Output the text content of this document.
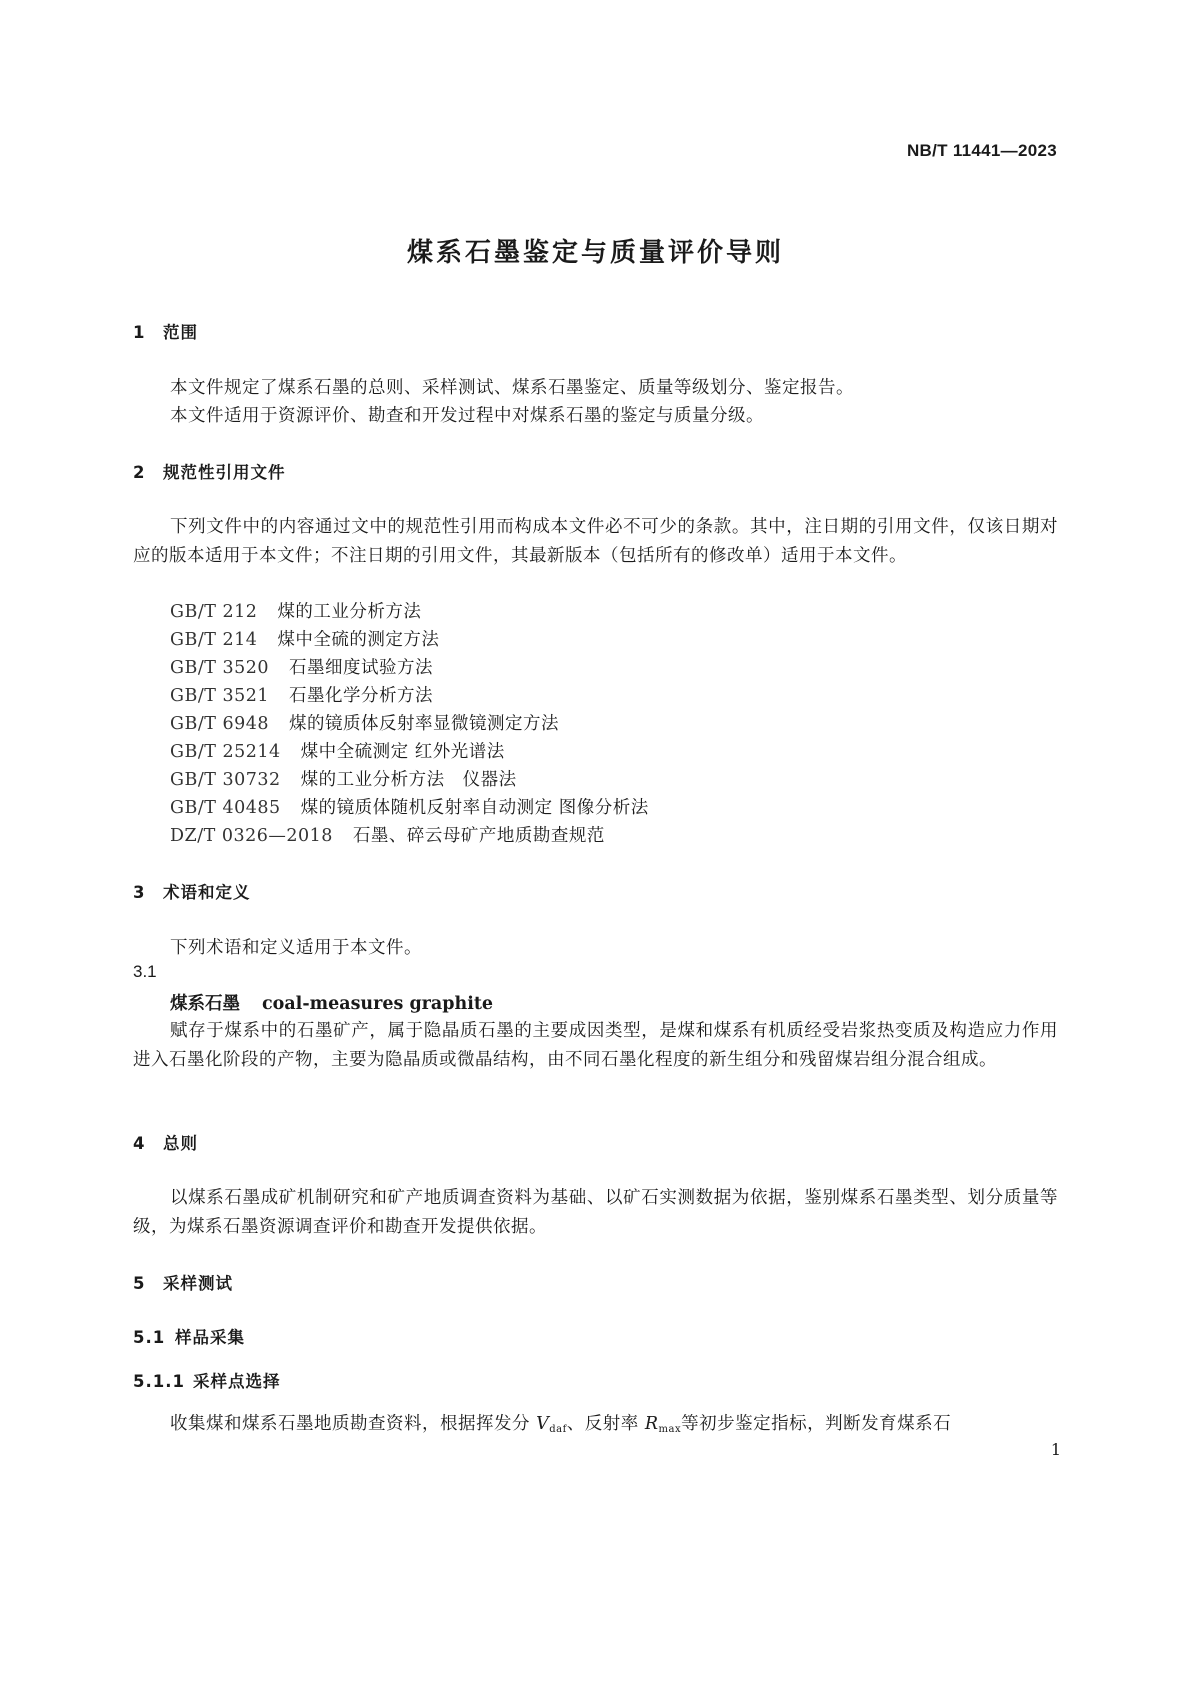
NB/T 11441—2023
煤系石墨鉴定与质量评价导则
1 范围
本文件规定了煤系石墨的总则、采样测试、煤系石墨鉴定、质量等级划分、鉴定报告。
本文件适用于资源评价、勘查和开发过程中对煤系石墨的鉴定与质量分级。
2 规范性引用文件
下列文件中的内容通过文中的规范性引用而构成本文件必不可少的条款。其中，注日期的引用文件，仅该日期对应的版本适用于本文件；不注日期的引用文件，其最新版本（包括所有的修改单）适用于本文件。
GB/T 212 煤的工业分析方法
GB/T 214 煤中全硫的测定方法
GB/T 3520 石墨细度试验方法
GB/T 3521 石墨化学分析方法
GB/T 6948 煤的镜质体反射率显微镜测定方法
GB/T 25214 煤中全硫测定 红外光谱法
GB/T 30732 煤的工业分析方法　仪器法
GB/T 40485 煤的镜质体随机反射率自动测定 图像分析法
DZ/T 0326—2018 石墨、碎云母矿产地质勘查规范
3 术语和定义
下列术语和定义适用于本文件。
3.1
煤系石墨 coal-measures graphite
赋存于煤系中的石墨矿产，属于隐晶质石墨的主要成因类型，是煤和煤系有机质经受岩浆热变质及构造应力作用进入石墨化阶段的产物，主要为隐晶质或微晶结构，由不同石墨化程度的新生组分和残留煤岩组分混合组成。
4 总则
以煤系石墨成矿机制研究和矿产地质调查资料为基础、以矿石实测数据为依据，鉴别煤系石墨类型、划分质量等级，为煤系石墨资源调查评价和勘查开发提供依据。
5 采样测试
5.1 样品采集
5.1.1 采样点选择
收集煤和煤系石墨地质勘查资料，根据挥发分 $V_{daf}$、反射率 $R_{max}$等初步鉴定指标，判断发育煤系石
1
